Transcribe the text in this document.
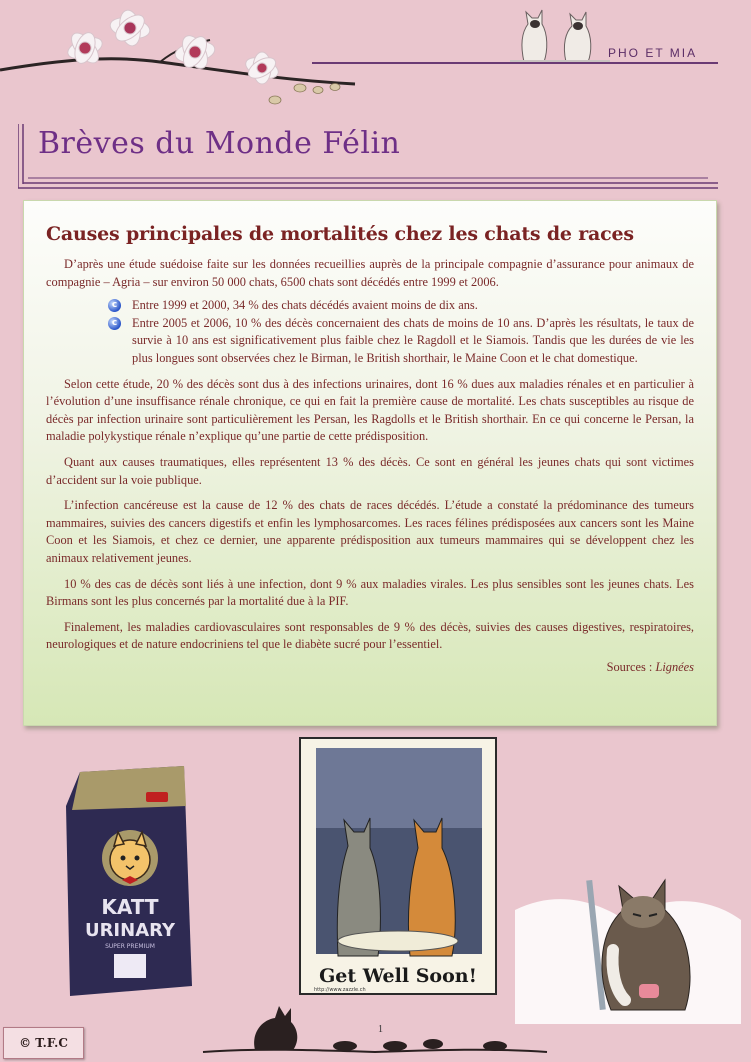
PHO ET MIA
Brèves du Monde Félin
Causes principales de mortalités chez les chats de races

D’après une étude suédoise faite sur les données recueillies auprès de la principale compagnie d’assurance pour animaux de compagnie – Agria – sur environ 50 000 chats, 6500 chats sont décédés entre 1999 et 2006.

c	Entre 1999 et 2000, 34 % des chats décédés avaient moins de dix ans.
c	Entre 2005 et 2006, 10 % des décès concernaient des chats de moins de 10 ans. D’après les résultats, le taux de survie à 10 ans est significativement plus faible chez le Ragdoll et le Siamois. Tandis que les durées de vie les plus longues sont observées chez le Birman, le British shorthair, le Maine Coon et le chat domestique.

Selon cette étude, 20 % des décès sont dus à des infections urinaires, dont 16 % dues aux maladies rénales et en particulier à l’évolution d’une insuffisance rénale chronique, ce qui en fait la première cause de mortalité. Les chats susceptibles au risque de décès par infection urinaire sont particulièrement les Persan, les Ragdolls et le British shorthair. En ce qui concerne le Persan, la maladie polykystique rénale n’explique qu’une partie de cette prédisposition.

Quant aux causes traumatiques, elles représentent 13 % des décès. Ce sont en général les jeunes chats qui sont victimes d’accident sur la voie publique.

L’infection cancéreuse est la cause de 12 % des chats de races décédés. L’étude a constaté la prédominance des tumeurs mammaires, suivies des cancers digestifs et enfin les lymphosarcomes. Les races félines prédisposées aux cancers sont les Maine Coon et les Siamois, et chez ce dernier, une apparente prédisposition aux tumeurs mammaires qui se développent chez les animaux relativement jeunes.

10 % des cas de décès sont liés à une infection, dont 9 % aux maladies virales. Les plus sensibles sont les jeunes chats. Les Birmans sont les plus concernés par la mortalité due à la PIF.

Finalement, les maladies cardiovasculaires sont responsables de 9 % des décès, suivies des causes digestives, respiratoires, neurologiques et de nature endocriniens tel que le diabète sucré pour l’essentiel.

Sources : Lignées
KATT
URINARY
SUPER PREMIUM
Get Well Soon!
http://www.zazzle.ch
1
© T.F.C
